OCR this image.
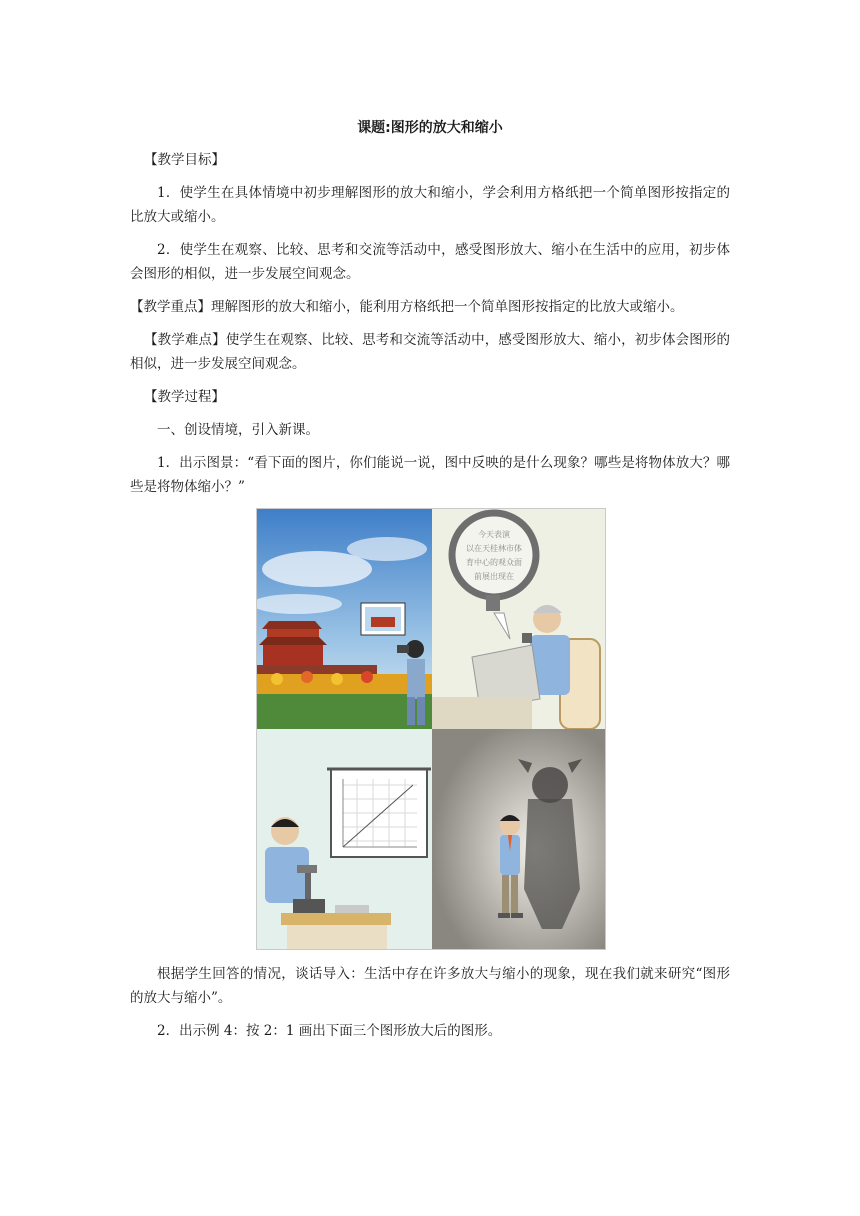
课题:图形的放大和缩小

【教学目标】

1．使学生在具体情境中初步理解图形的放大和缩小，学会利用方格纸把一个简单图形按指定的比放大或缩小。

2．使学生在观察、比较、思考和交流等活动中，感受图形放大、缩小在生活中的应用，初步体会图形的相似，进一步发展空间观念。

【教学重点】理解图形的放大和缩小，能利用方格纸把一个简单图形按指定的比放大或缩小。

【教学难点】使学生在观察、比较、思考和交流等活动中，感受图形放大、缩小，初步体会图形的相似，进一步发展空间观念。

【教学过程】

一、创设情境，引入新课。

1．出示图景：“看下面的图片，你们能说一说，图中反映的是什么现象？哪些是将物体放大？哪些是将物体缩小？”

今天表演
以在天桂林市体
育中心的观众面
前展出现在

根据学生回答的情况，谈话导入：生活中存在许多放大与缩小的现象，现在我们就来研究“图形的放大与缩小”。

2．出示例 4：按 2：1 画出下面三个图形放大后的图形。
